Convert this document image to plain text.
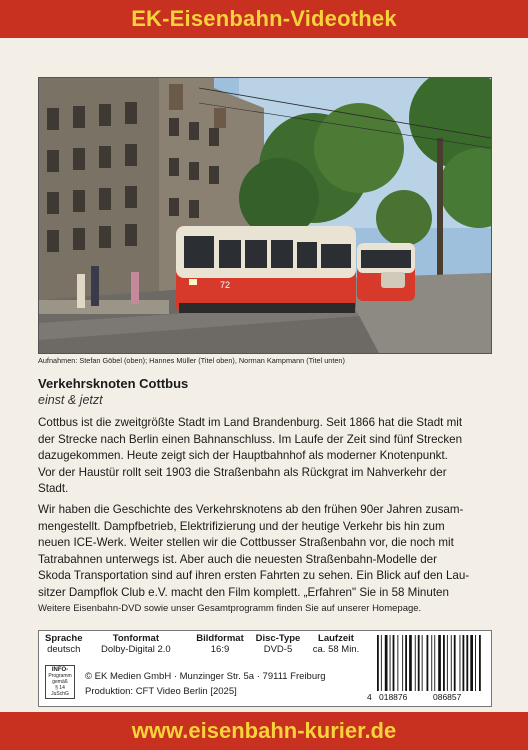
EK-Eisenbahn-Videothek
72
Aufnahmen: Stefan Göbel (oben); Hannes Müller (Titel oben), Norman Kampmann (Titel unten)
Verkehrsknoten Cottbus
einst & jetzt
Cottbus ist die zweitgrößte Stadt im Land Brandenburg. Seit 1866 hat die Stadt mit
der Strecke nach Berlin einen Bahnanschluss. Im Laufe der Zeit sind fünf Strecken
dazugekommen. Heute zeigt sich der Hauptbahnhof als moderner Knotenpunkt.
Vor der Haustür rollt seit 1903 die Straßenbahn als Rückgrat im Nahverkehr der
Stadt.
Wir haben die Geschichte des Verkehrsknotens ab den frühen 90er Jahren zusam-
mengestellt. Dampfbetrieb, Elektrifizierung und der heutige Verkehr bis hin zum
neuen ICE-Werk. Weiter stellen wir die Cottbusser Straßenbahn vor, die noch mit
Tatrabahnen unterwegs ist. Aber auch die neuesten Straßenbahn-Modelle der
Skoda Transportation sind auf ihren ersten Fahrten zu sehen. Ein Blick auf den Lau-
sitzer Dampflok Club e.V. macht den Film komplett. „Erfahren" Sie in 58 Minuten
Weitere Eisenbahn-DVD sowie unser Gesamtprogramm finden Sie auf unserer Homepage.
Sprache
deutsch
Tonformat
Dolby-Digital 2.0
Bildformat
16:9
Disc-Type
DVD-5
Laufzeit
ca. 58 Min.
INFO-
Programm
gemäß
§ 14
JuSchG
© EK Medien GmbH · Munzinger Str. 5a · 79111 Freiburg
Produktion: CFT Video Berlin [2025]	4 018876	086857
www.eisenbahn-kurier.de
